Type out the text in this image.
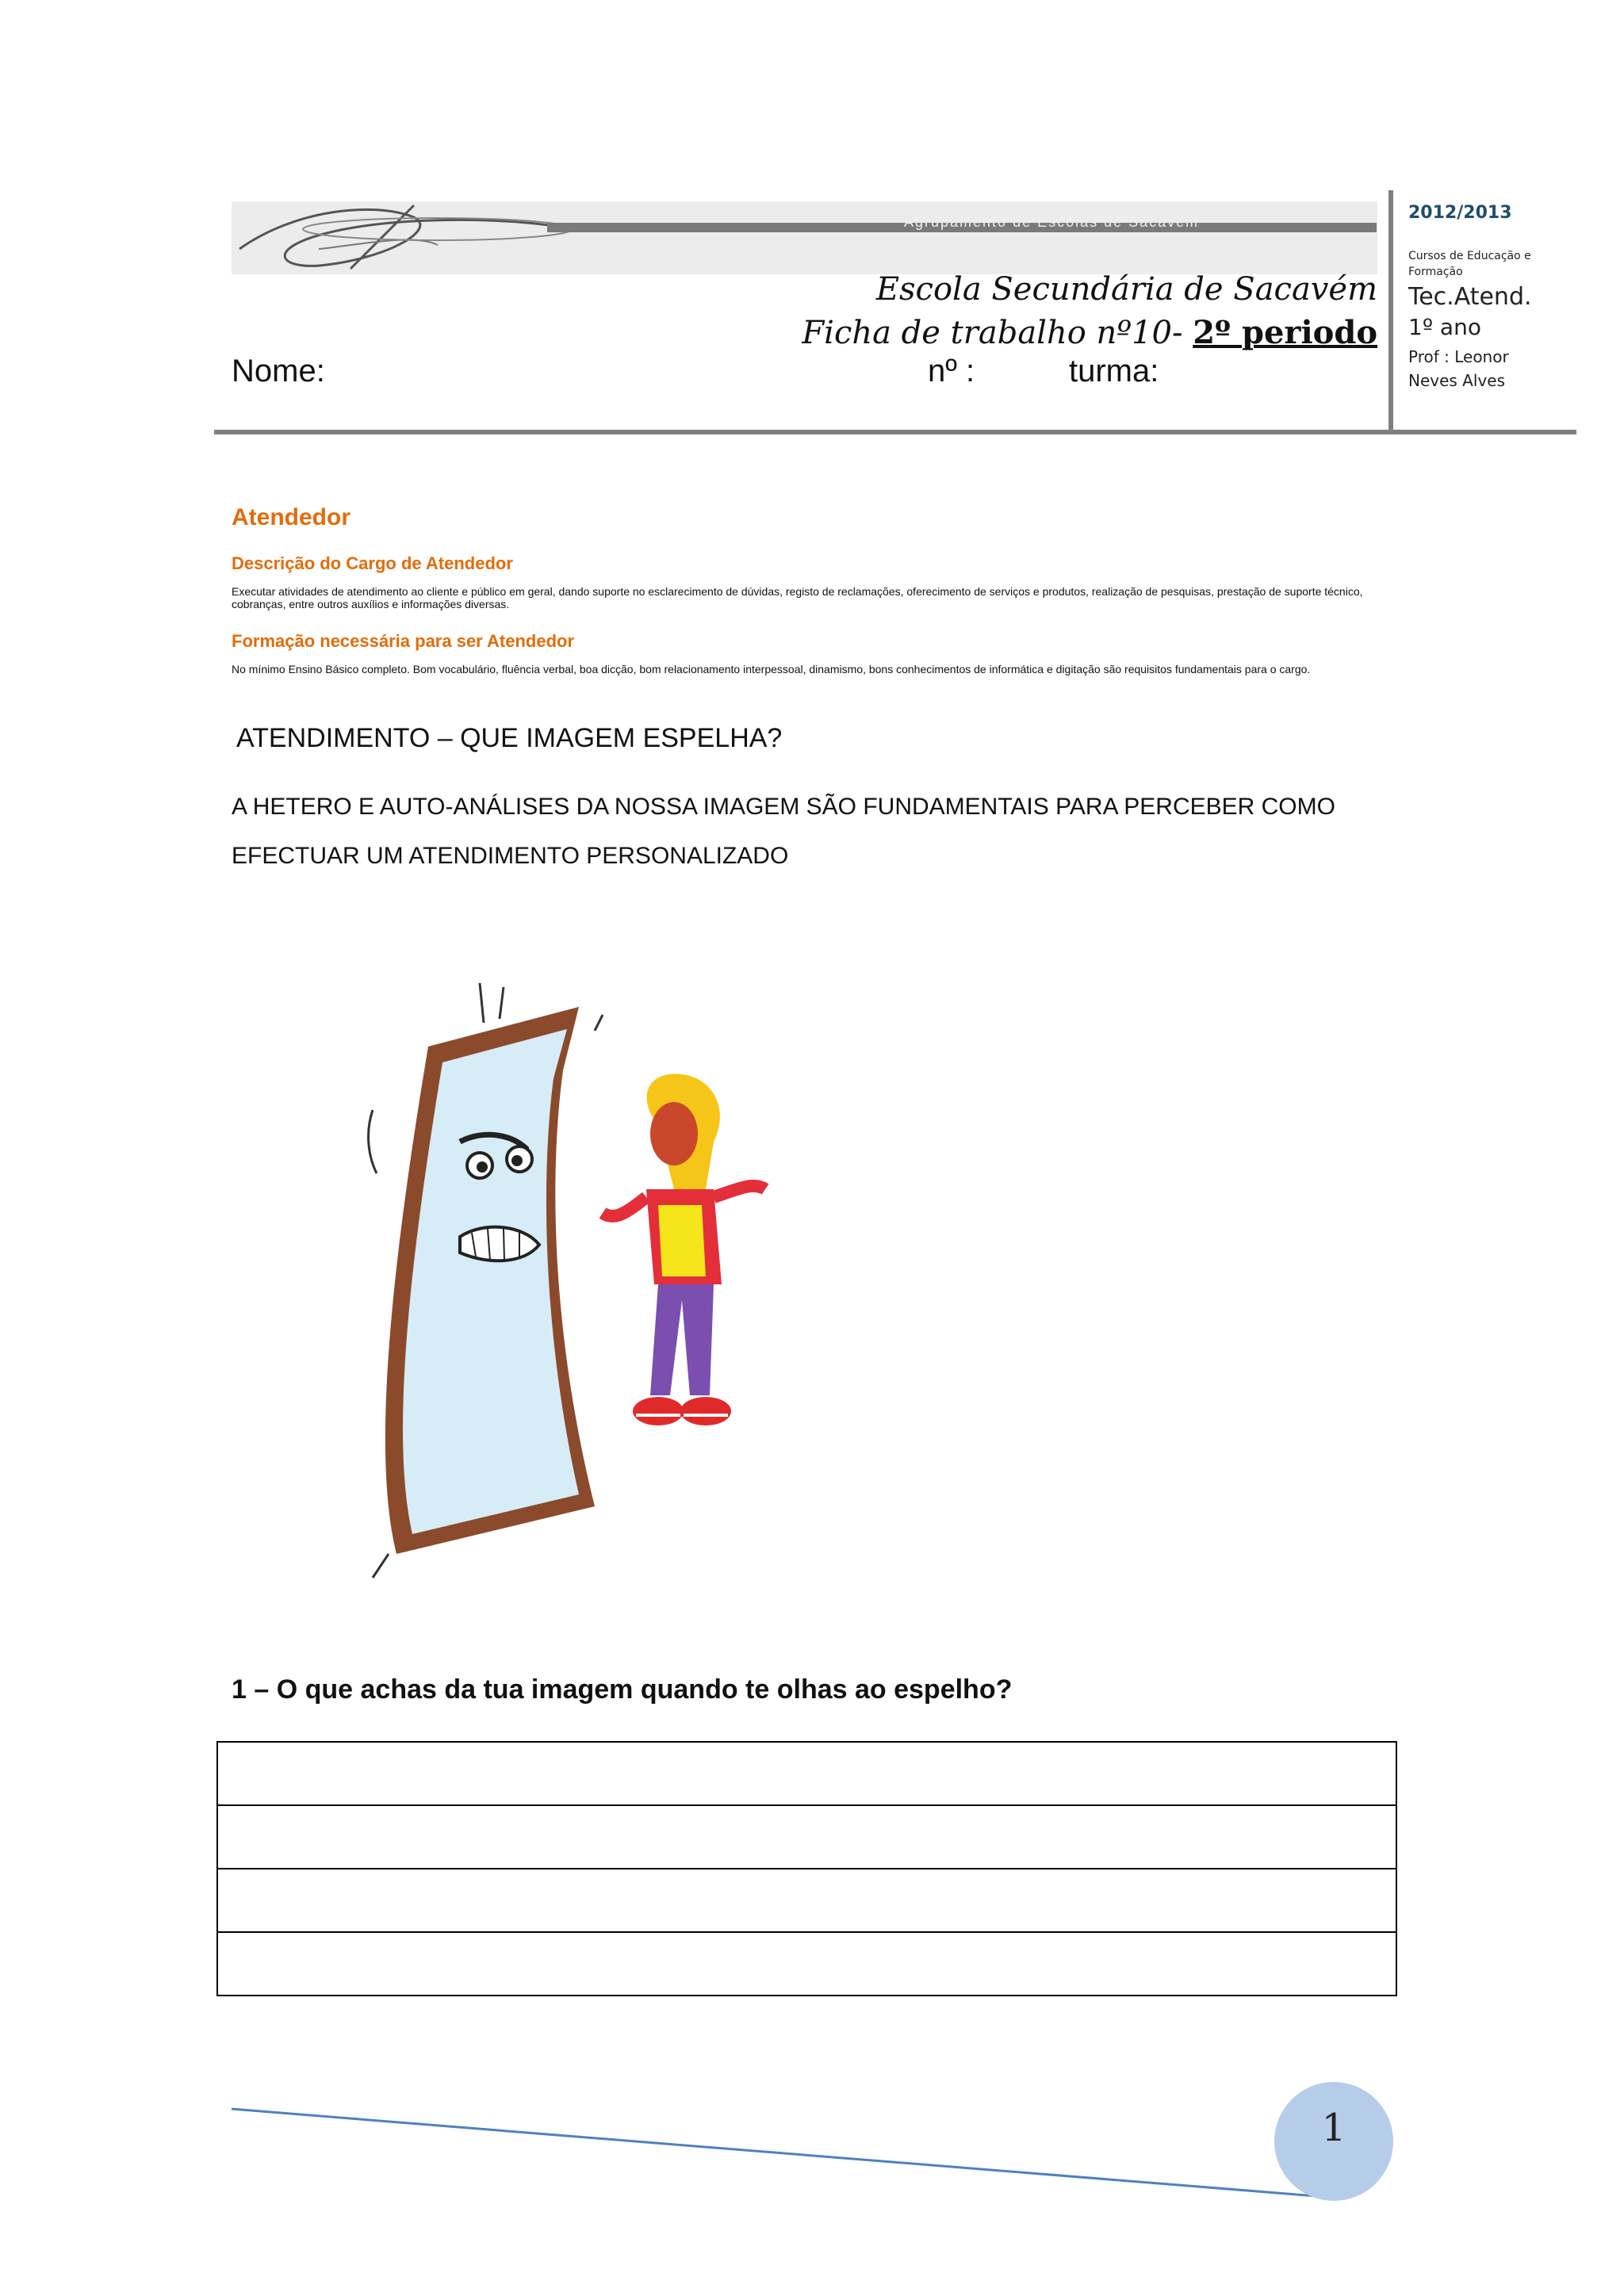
Agrupamento de Escolas de Sacavém
Escola Secundária de Sacavém
Ficha de trabalho nº10- 2º periodo
Nome:	nº :	turma:
2012/2013
Cursos de Educação e Formação
Tec.Atend.
1º ano
Prof : Leonor Neves Alves
Atendedor
Descrição do Cargo de Atendedor
Executar atividades de atendimento ao cliente e público em geral, dando suporte no esclarecimento de dúvidas, registo de reclamações, oferecimento de serviços e produtos, realização de pesquisas, prestação de suporte técnico, cobranças, entre outros auxílios e informações diversas.
Formação necessária para ser Atendedor
No mínimo Ensino Básico completo. Bom vocabulário, fluência verbal, boa dicção, bom relacionamento interpessoal, dinamismo, bons conhecimentos de informática e digitação são requisitos fundamentais para o cargo.
ATENDIMENTO – QUE IMAGEM ESPELHA?
A HETERO E AUTO-ANÁLISES DA NOSSA IMAGEM SÃO FUNDAMENTAIS PARA PERCEBER COMO
EFECTUAR UM ATENDIMENTO PERSONALIZADO
1 – O que achas da tua imagem quando te olhas ao espelho?

1
